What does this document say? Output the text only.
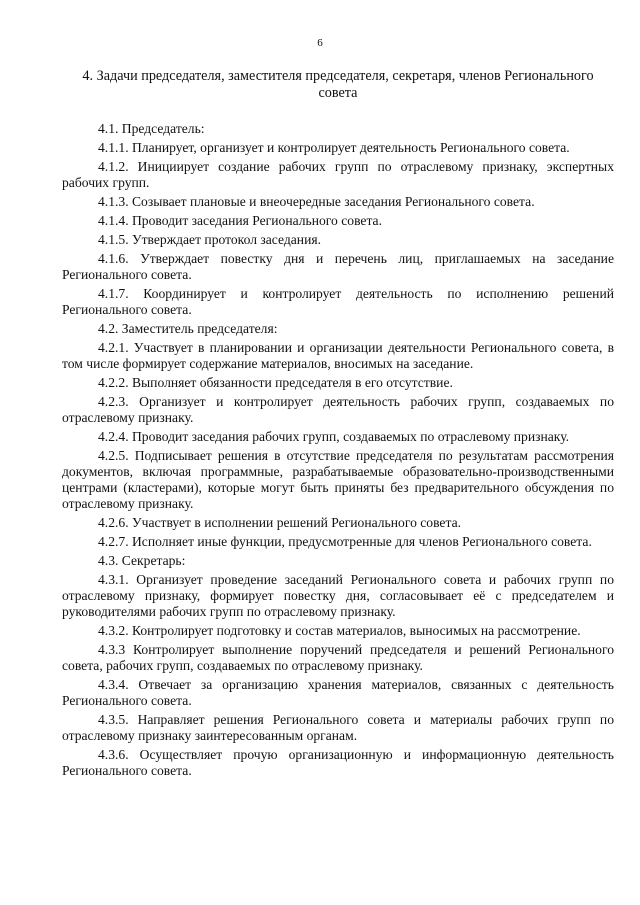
6
4. Задачи председателя, заместителя председателя, секретаря, членов Регионального совета

4.1. Председатель:

4.1.1. Планирует, организует и контролирует деятельность Регионального совета.

4.1.2. Инициирует создание рабочих групп по отраслевому признаку, экспертных рабочих групп.

4.1.3. Созывает плановые и внеочередные заседания Регионального совета.

4.1.4. Проводит заседания Регионального совета.

4.1.5. Утверждает протокол заседания.

4.1.6. Утверждает повестку дня и перечень лиц, приглашаемых на заседание Регионального совета.

4.1.7. Координирует и контролирует деятельность по исполнению решений Регионального совета.

4.2. Заместитель председателя:

4.2.1. Участвует в планировании и организации деятельности Регионального совета, в том числе формирует содержание материалов, вносимых на заседание.

4.2.2. Выполняет обязанности председателя в его отсутствие.

4.2.3. Организует и контролирует деятельность рабочих групп, создаваемых по отраслевому признаку.

4.2.4. Проводит заседания рабочих групп, создаваемых по отраслевому признаку.

4.2.5. Подписывает решения в отсутствие председателя по результатам рассмотрения документов, включая программные, разрабатываемые образовательно-производственными центрами (кластерами), которые могут быть приняты без предварительного обсуждения по отраслевому признаку.

4.2.6. Участвует в исполнении решений Регионального совета.

4.2.7. Исполняет иные функции, предусмотренные для членов Регионального совета.

4.3. Секретарь:

4.3.1. Организует проведение заседаний Регионального совета и рабочих групп по отраслевому признаку, формирует повестку дня, согласовывает её с председателем и руководителями рабочих групп по отраслевому признаку.

4.3.2. Контролирует подготовку и состав материалов, выносимых на рассмотрение.

4.3.3 Контролирует выполнение поручений председателя и решений Регионального совета, рабочих групп, создаваемых по отраслевому признаку.

4.3.4. Отвечает за организацию хранения материалов, связанных с деятельность Регионального совета.

4.3.5. Направляет решения Регионального совета и материалы рабочих групп по отраслевому признаку заинтересованным органам.

4.3.6. Осуществляет прочую организационную и информационную деятельность Регионального совета.
